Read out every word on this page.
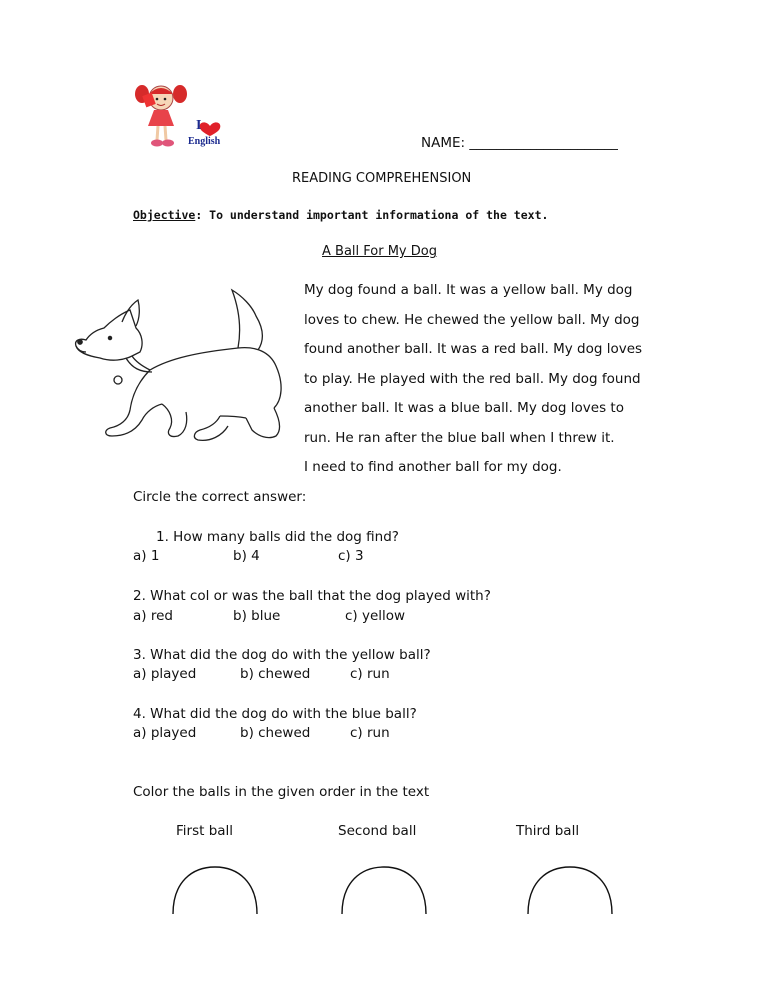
I
English	NAME: ______________________
READING COMPREHENSION
Objective: To understand important informationa of the text.
A Ball For My Dog
My dog found a ball. It was a yellow ball. My dog
loves to chew. He chewed the yellow ball. My dog
found another ball. It was a red ball. My dog loves
to play. He played with the red ball. My dog found
another ball. It was a blue ball. My dog loves to
run. He ran after the blue ball when I threw it.
I need to find another ball for my dog.
Circle the correct answer:
1. How many balls did the dog find?
a) 1	b) 4	c) 3
2. What col or was the ball that the dog played with?
a) red	b) blue	c) yellow
3. What did the dog do with the yellow ball?
a) played	b) chewed	c) run
4. What did the dog do with the blue ball?
a) played	b) chewed	c) run
Color the balls in the given order in the text
First ball	Second ball	Third ball
